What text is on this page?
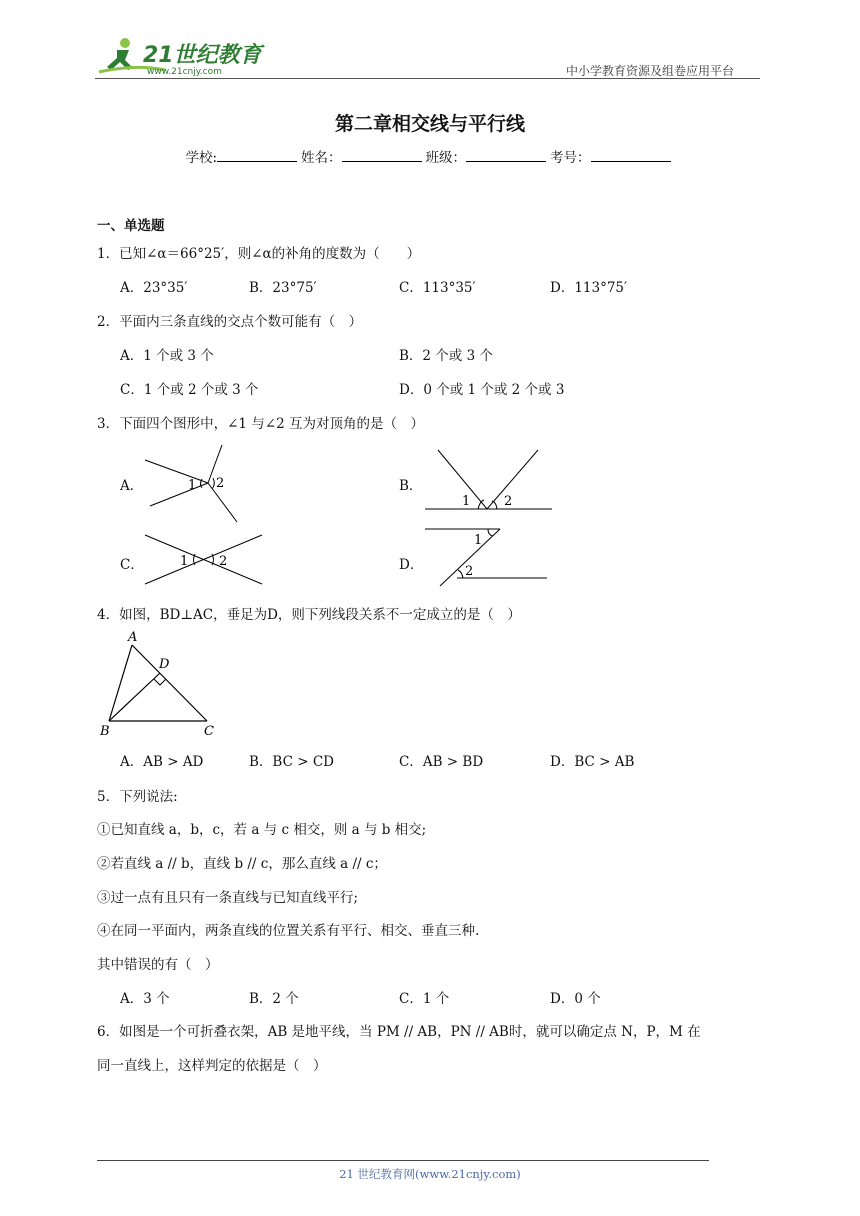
21世纪教育
www.21cnjy.com	中小学教育资源及组卷应用平台
第二章相交线与平行线
学校:	姓名：	班级：	考号：
一、单选题
1．已知∠α＝66°25′，则∠α的补角的度数为（　　）
A．23°35′	B．23°75′	C．113°35′	D．113°75′
2．平面内三条直线的交点个数可能有（　）
A．1 个或 3 个	B．2 个或 3 个
C．1 个或 2 个或 3 个	D．0 个或 1 个或 2 个或 3
3．下面四个图形中，∠1 与∠2 互为对顶角的是（　）
A．	B．
C．	D．
1 2
1	2
1 2
1
2
4．如图，BD⊥AC，垂足为D，则下列线段关系不一定成立的是（　）
A
D
B	C
A．AB > AD	B．BC > CD	C．AB > BD	D．BC > AB
5．下列说法:
①已知直线 a，b，c，若 a 与 c 相交，则 a 与 b 相交;
②若直线 a // b，直线 b // c，那么直线 a // c；
③过一点有且只有一条直线与已知直线平行;
④在同一平面内，两条直线的位置关系有平行、相交、垂直三种.
其中错误的有（　）
A．3 个	B．2 个	C．1 个	D．0 个
6．如图是一个可折叠衣架，AB 是地平线，当 PM // AB，PN // AB时，就可以确定点 N，P，M 在
同一直线上，这样判定的依据是（　）
21 世纪教育网(www.21cnjy.com)
